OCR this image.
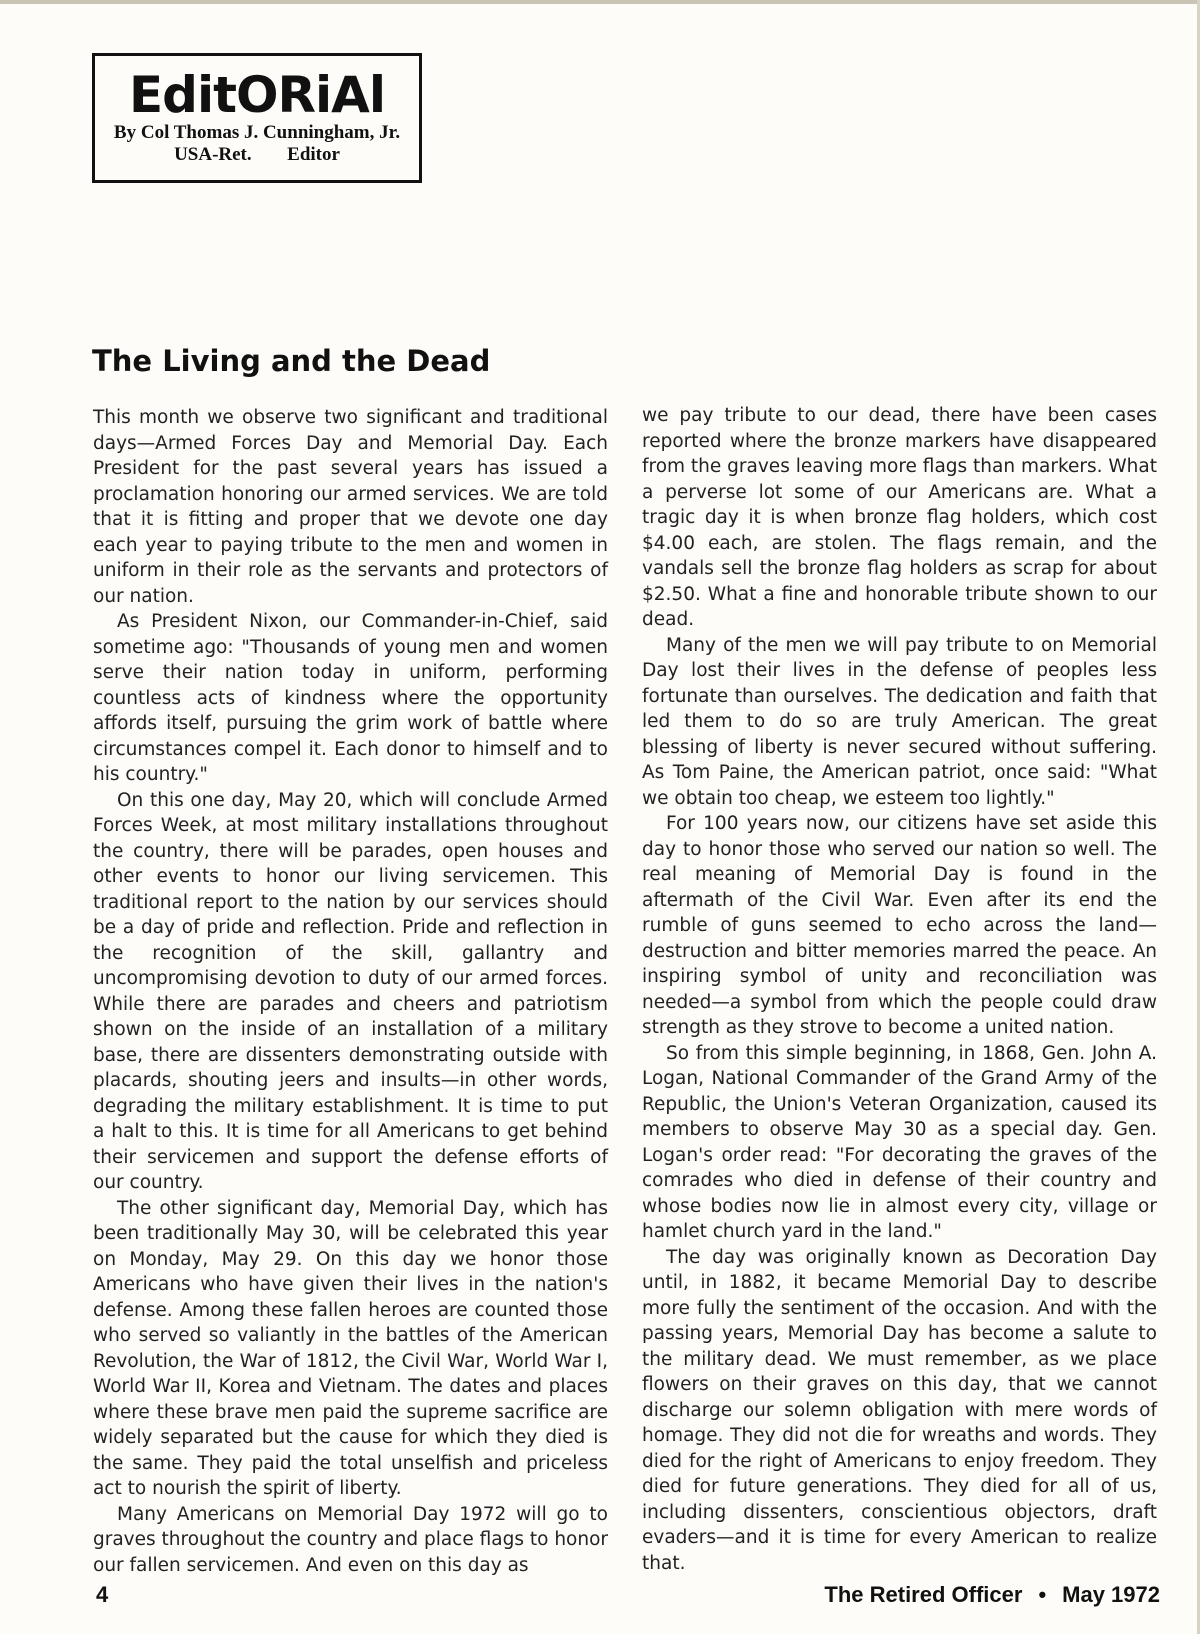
EditORiAl
By Col Thomas J. Cunningham, Jr.
USA-Ret. Editor
The Living and the Dead

This month we observe two significant and traditional days—Armed Forces Day and Memorial Day. Each President for the past several years has issued a proclamation honoring our armed services. We are told that it is fitting and proper that we devote one day each year to paying tribute to the men and women in uniform in their role as the servants and protectors of our nation.

As President Nixon, our Commander-in-Chief, said sometime ago: "Thousands of young men and women serve their nation today in uniform, performing countless acts of kindness where the opportunity affords itself, pursuing the grim work of battle where circumstances compel it. Each donor to himself and to his country."

On this one day, May 20, which will conclude Armed Forces Week, at most military installations throughout the country, there will be parades, open houses and other events to honor our living servicemen. This traditional report to the nation by our services should be a day of pride and reflection. Pride and reflection in the recognition of the skill, gallantry and uncompromising devotion to duty of our armed forces. While there are parades and cheers and patriotism shown on the inside of an installation of a military base, there are dissenters demonstrating outside with placards, shouting jeers and insults—in other words, degrading the military establishment. It is time to put a halt to this. It is time for all Americans to get behind their servicemen and support the defense efforts of our country.

The other significant day, Memorial Day, which has been traditionally May 30, will be celebrated this year on Monday, May 29. On this day we honor those Americans who have given their lives in the nation's defense. Among these fallen heroes are counted those who served so valiantly in the battles of the American Revolution, the War of 1812, the Civil War, World War I, World War II, Korea and Vietnam. The dates and places where these brave men paid the supreme sacrifice are widely separated but the cause for which they died is the same. They paid the total unselfish and priceless act to nourish the spirit of liberty.

Many Americans on Memorial Day 1972 will go to graves throughout the country and place flags to honor our fallen servicemen. And even on this day as

we pay tribute to our dead, there have been cases reported where the bronze markers have disappeared from the graves leaving more flags than markers. What a perverse lot some of our Americans are. What a tragic day it is when bronze flag holders, which cost $4.00 each, are stolen. The flags remain, and the vandals sell the bronze flag holders as scrap for about $2.50. What a fine and honorable tribute shown to our dead.

Many of the men we will pay tribute to on Memorial Day lost their lives in the defense of peoples less fortunate than ourselves. The dedication and faith that led them to do so are truly American. The great blessing of liberty is never secured without suffering. As Tom Paine, the American patriot, once said: "What we obtain too cheap, we esteem too lightly."

For 100 years now, our citizens have set aside this day to honor those who served our nation so well. The real meaning of Memorial Day is found in the aftermath of the Civil War. Even after its end the rumble of guns seemed to echo across the land—destruction and bitter memories marred the peace. An inspiring symbol of unity and reconciliation was needed—a symbol from which the people could draw strength as they strove to become a united nation.

So from this simple beginning, in 1868, Gen. John A. Logan, National Commander of the Grand Army of the Republic, the Union's Veteran Organization, caused its members to observe May 30 as a special day. Gen. Logan's order read: "For decorating the graves of the comrades who died in defense of their country and whose bodies now lie in almost every city, village or hamlet church yard in the land."

The day was originally known as Decoration Day until, in 1882, it became Memorial Day to describe more fully the sentiment of the occasion. And with the passing years, Memorial Day has become a salute to the military dead. We must remember, as we place flowers on their graves on this day, that we cannot discharge our solemn obligation with mere words of homage. They did not die for wreaths and words. They died for the right of Americans to enjoy freedom. They died for future generations. They died for all of us, including dissenters, conscientious objectors, draft evaders—and it is time for every American to realize that.

4	The Retired Officer • May 1972
